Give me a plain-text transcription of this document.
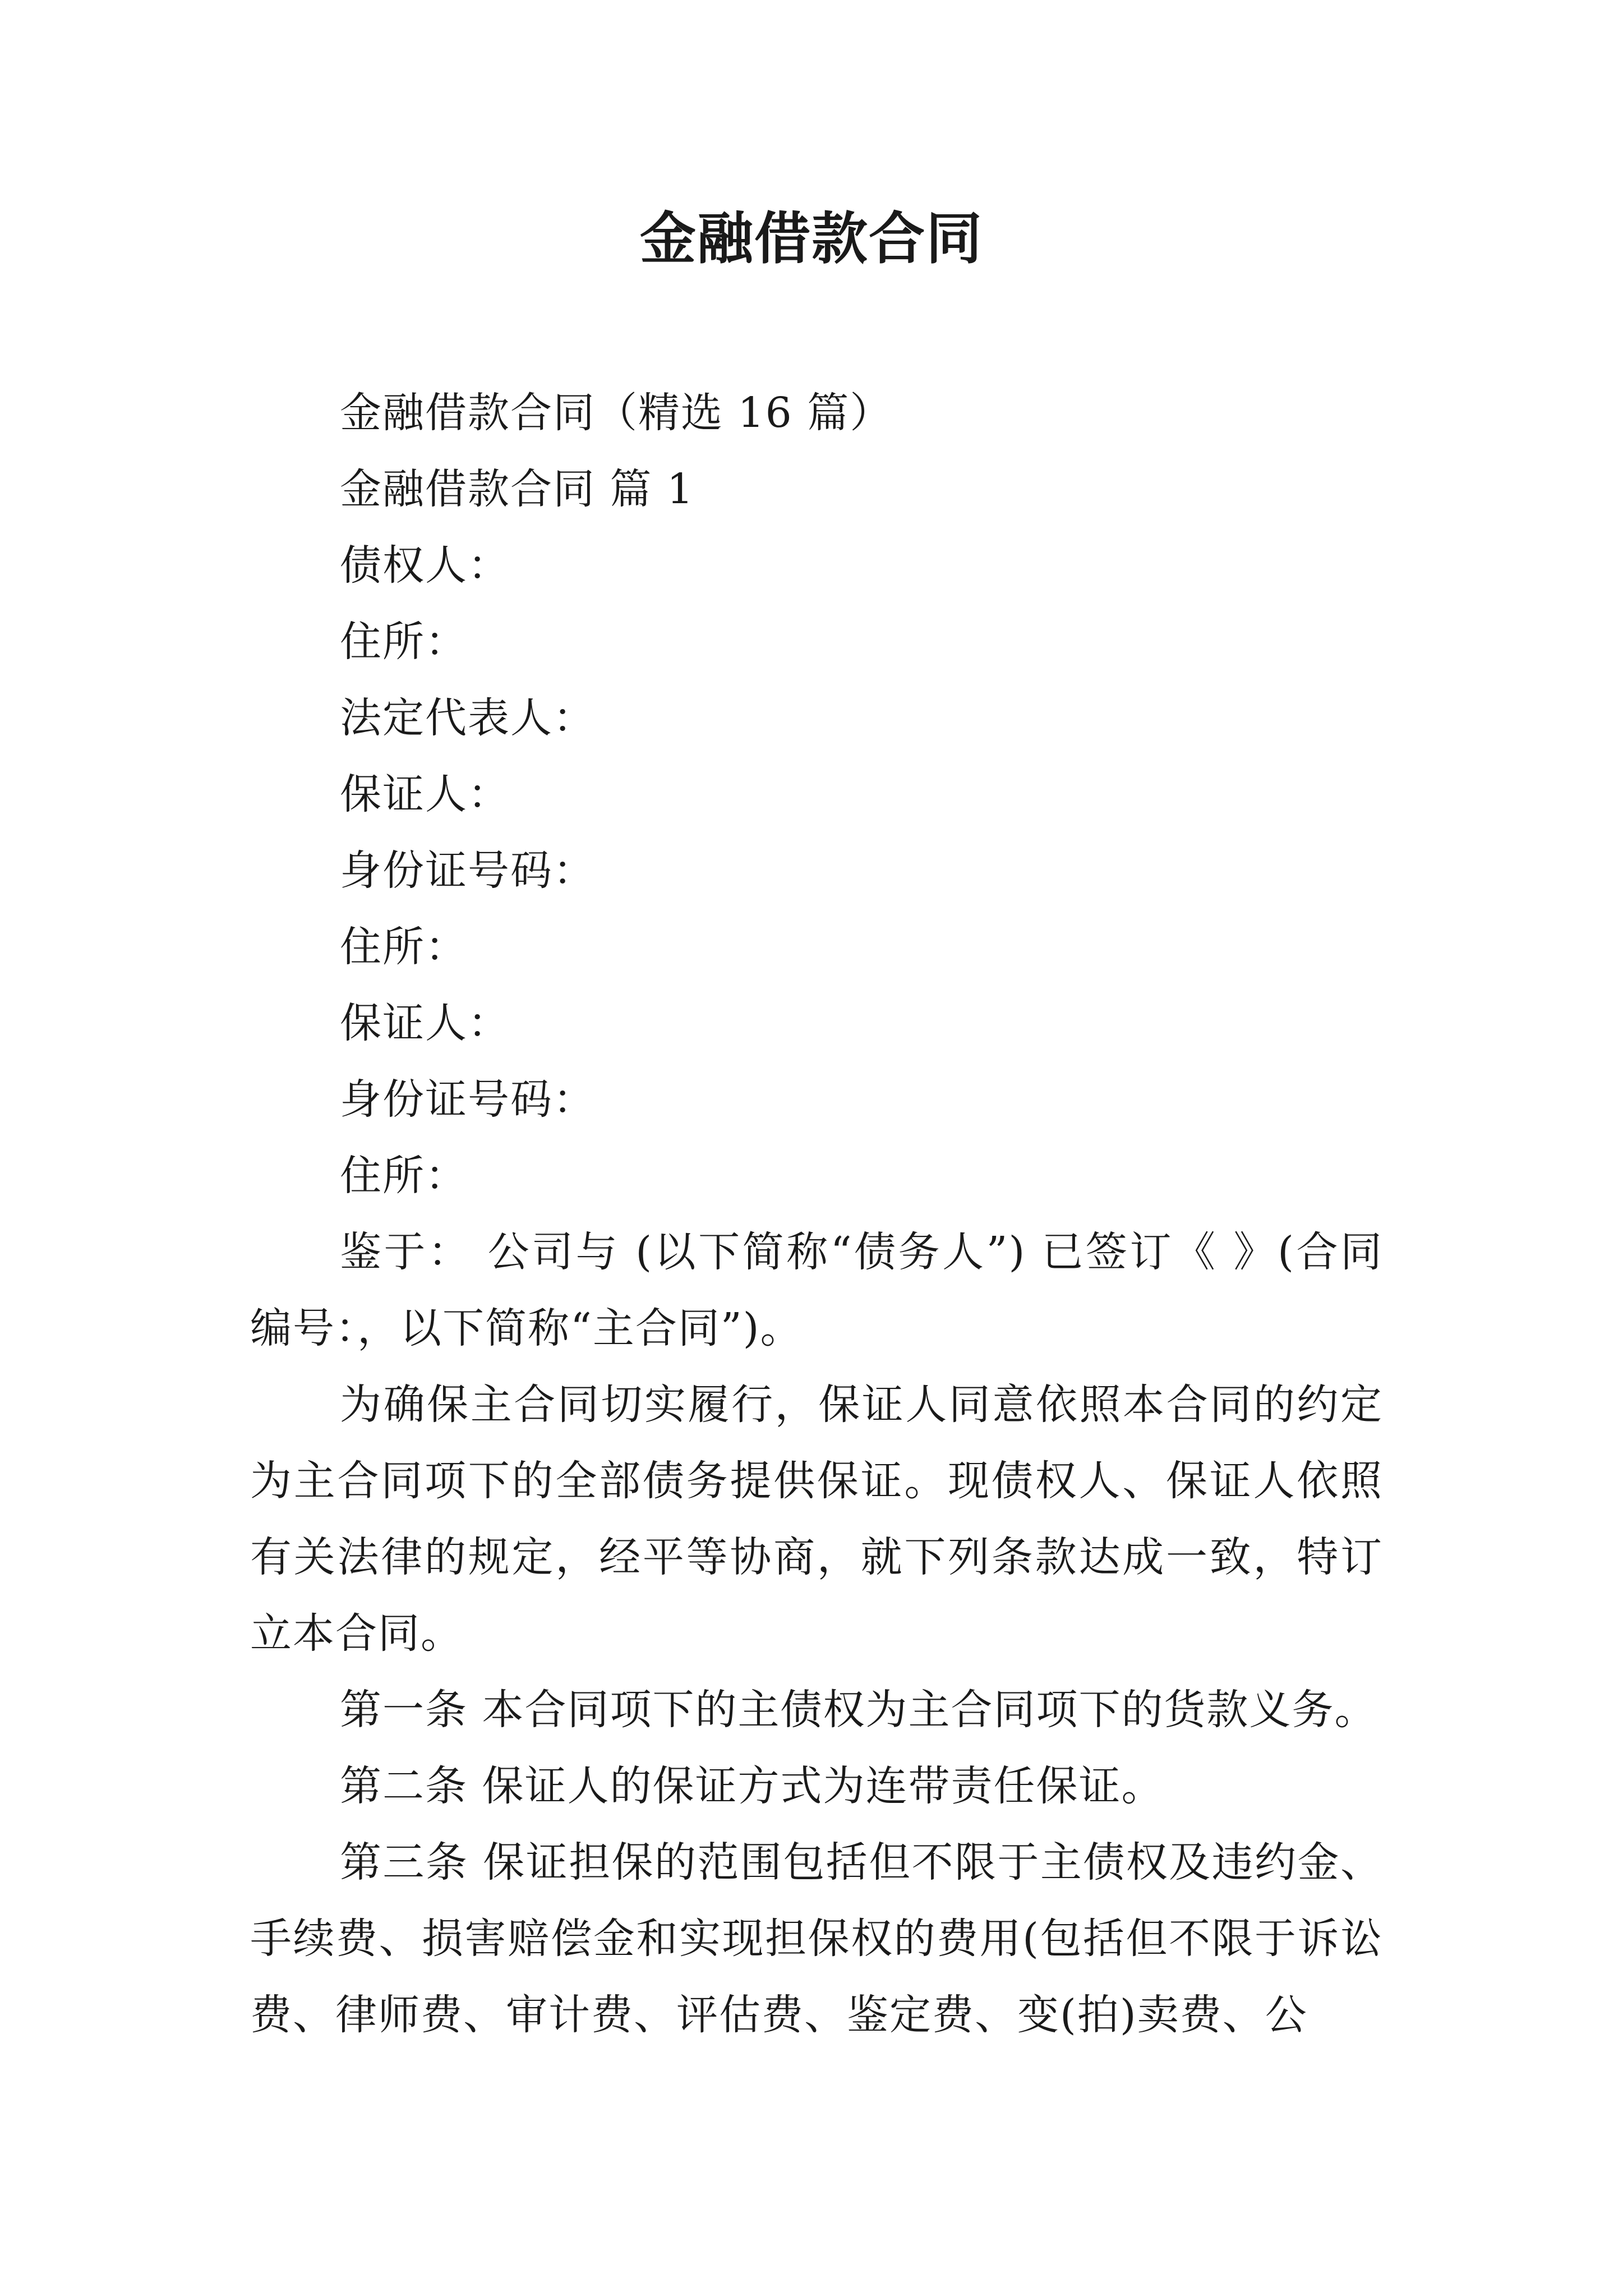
金融借款合同

金融借款合同（精选 16 篇）

金融借款合同 篇 1

债权人：

住所：

法定代表人：

保证人：

身份证号码：

住所：

保证人：

身份证号码：

住所：

鉴于： 公司与 (以下简称“债务人”) 已签订《 》(合同编号：，以下简称“主合同”)。

为确保主合同切实履行，保证人同意依照本合同的约定为主合同项下的全部债务提供保证。现债权人、保证人依照有关法律的规定，经平等协商，就下列条款达成一致，特订立本合同。

第一条 本合同项下的主债权为主合同项下的货款义务。

第二条 保证人的保证方式为连带责任保证。

第三条 保证担保的范围包括但不限于主债权及违约金、手续费、损害赔偿金和实现担保权的费用(包括但不限于诉讼费、律师费、审计费、评估费、鉴定费、变(拍)卖费、公
